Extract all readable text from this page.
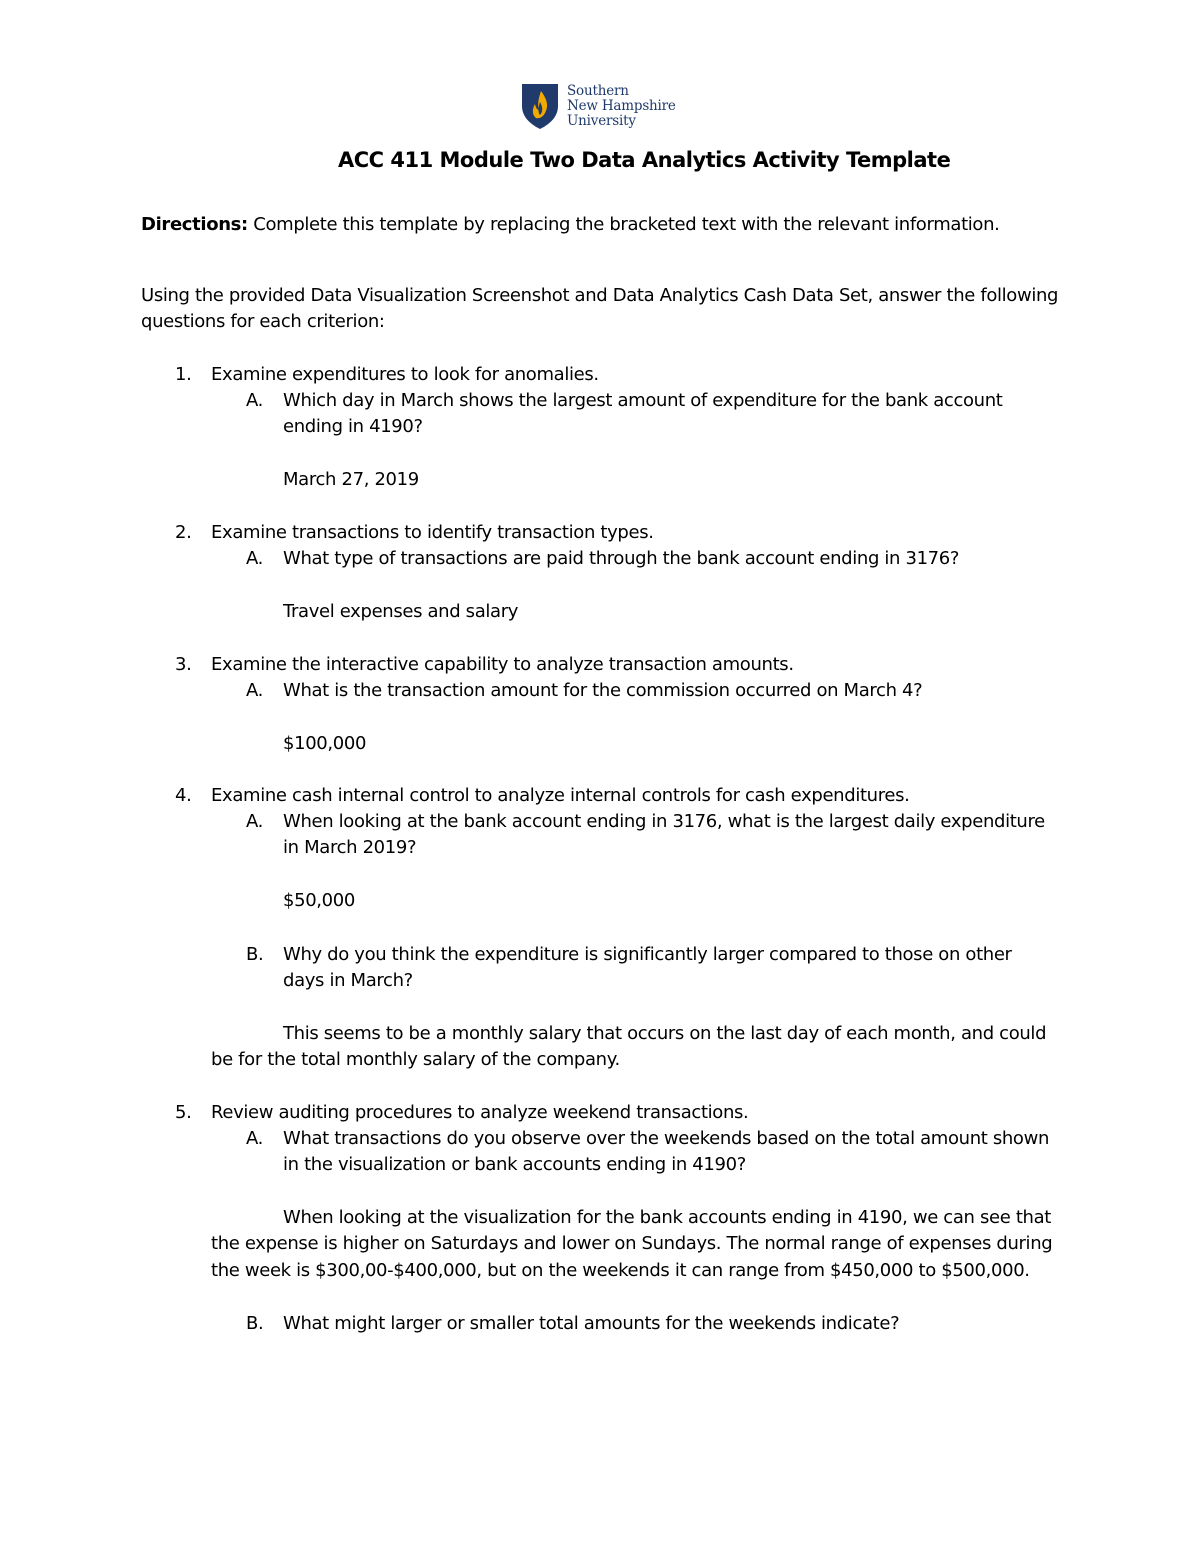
Southern
New Hampshire
University
ACC 411 Module Two Data Analytics Activity Template
Directions: Complete this template by replacing the bracketed text with the relevant information.
Using the provided Data Visualization Screenshot and Data Analytics Cash Data Set, answer the following
questions for each criterion:
1. Examine expenditures to look for anomalies.
A. Which day in March shows the largest amount of expenditure for the bank account
ending in 4190?
March 27, 2019
2. Examine transactions to identify transaction types.
A. What type of transactions are paid through the bank account ending in 3176?
Travel expenses and salary
3. Examine the interactive capability to analyze transaction amounts.
A. What is the transaction amount for the commission occurred on March 4?
$100,000
4. Examine cash internal control to analyze internal controls for cash expenditures.
A. When looking at the bank account ending in 3176, what is the largest daily expenditure
in March 2019?
$50,000
B. Why do you think the expenditure is significantly larger compared to those on other
days in March?
This seems to be a monthly salary that occurs on the last day of each month, and could
be for the total monthly salary of the company.
5. Review auditing procedures to analyze weekend transactions.
A. What transactions do you observe over the weekends based on the total amount shown
in the visualization or bank accounts ending in 4190?
When looking at the visualization for the bank accounts ending in 4190, we can see that
the expense is higher on Saturdays and lower on Sundays. The normal range of expenses during
the week is $300,00-$400,000, but on the weekends it can range from $450,000 to $500,000.
B. What might larger or smaller total amounts for the weekends indicate?
